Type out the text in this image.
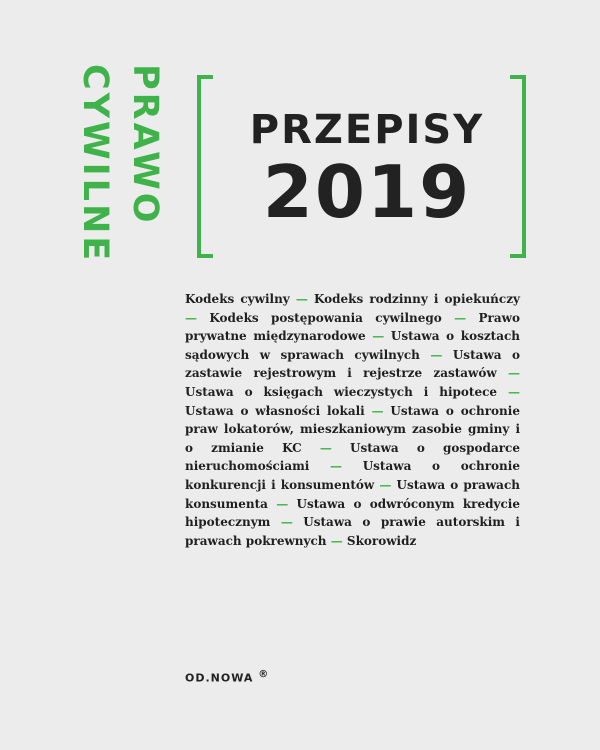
PRAWO
CYWILNE	PRZEPISY
2019
Kodeks cywilny — Kodeks rodzinny i opiekuńczy — Kodeks postępowania cywilnego — Prawo prywatne międzynarodowe — Ustawa o kosztach sądowych w sprawach cywilnych — Ustawa o zastawie rejestrowym i rejestrze zastawów — Ustawa o księgach wieczystych i hipotece — Ustawa o własności lokali — Ustawa o ochronie praw lokatorów, mieszkaniowym zasobie gminy i o zmianie KC — Ustawa o gospodarce nieruchomościami — Ustawa o ochronie konkurencji i konsumentów — Ustawa o prawach konsumenta — Ustawa o odwróconym kredycie hipotecznym — Ustawa o prawie autorskim i prawach pokrewnych — Skorowidz
OD.NOWA ®
